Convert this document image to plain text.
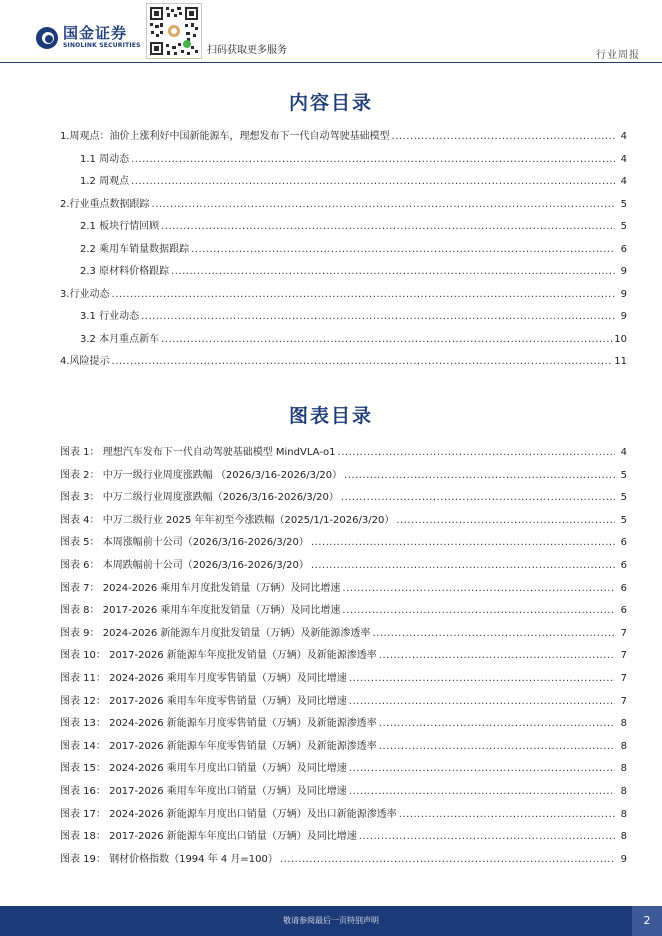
国金证券
SINOLINK SECURITIES	扫码获取更多服务	行业周报
内容目录
1.周观点：油价上涨利好中国新能源车，理想发布下一代自动驾驶基础模型 .....	4
1.1 周动态 .....	4
1.2 周观点 .....	4
2.行业重点数据跟踪 .....	5
2.1 板块行情回顾 .....	5
2.2 乘用车销量数据跟踪 .....	6
2.3 原材料价格跟踪 .....	9
3.行业动态 .....	9
3.1 行业动态 .....	9
3.2 本月重点新车 .....	10
4.风险提示 .....	11
图表目录
图表 1： 理想汽车发布下一代自动驾驶基础模型 MindVLA-o1 .....	4
图表 2： 中万一级行业周度涨跌幅 （2026/3/16-2026/3/20） .....	5
图表 3： 中万二级行业周度涨跌幅（2026/3/16-2026/3/20） .....	5
图表 4： 中万二级行业 2025 年年初至今涨跌幅（2025/1/1-2026/3/20） .....	5
图表 5： 本周涨幅前十公司（2026/3/16-2026/3/20） .....	6
图表 6： 本周跌幅前十公司（2026/3/16-2026/3/20） .....	6
图表 7： 2024-2026 乘用车月度批发销量（万辆）及同比增速 .....	6
图表 8： 2017-2026 乘用车年度批发销量（万辆）及同比增速 .....	6
图表 9： 2024-2026 新能源车月度批发销量（万辆）及新能源渗透率 .....	7
图表 10： 2017-2026 新能源车年度批发销量（万辆）及新能源渗透率 .....	7
图表 11： 2024-2026 乘用车月度零售销量（万辆）及同比增速 .....	7
图表 12： 2017-2026 乘用车年度零售销量（万辆）及同比增速 .....	7
图表 13： 2024-2026 新能源车月度零售销量（万辆）及新能源渗透率 .....	8
图表 14： 2017-2026 新能源车年度零售销量（万辆）及新能源渗透率 .....	8
图表 15： 2024-2026 乘用车月度出口销量（万辆）及同比增速 .....	8
图表 16： 2017-2026 乘用车年度出口销量（万辆）及同比增速 .....	8
图表 17： 2024-2026 新能源车月度出口销量（万辆）及出口新能源渗透率 .....	8
图表 18： 2017-2026 新能源车年度出口销量（万辆）及同比增速 .....	8
图表 19： 钢材价格指数（1994 年 4 月=100） .....	9
敬请参阅最后一页特别声明	2
